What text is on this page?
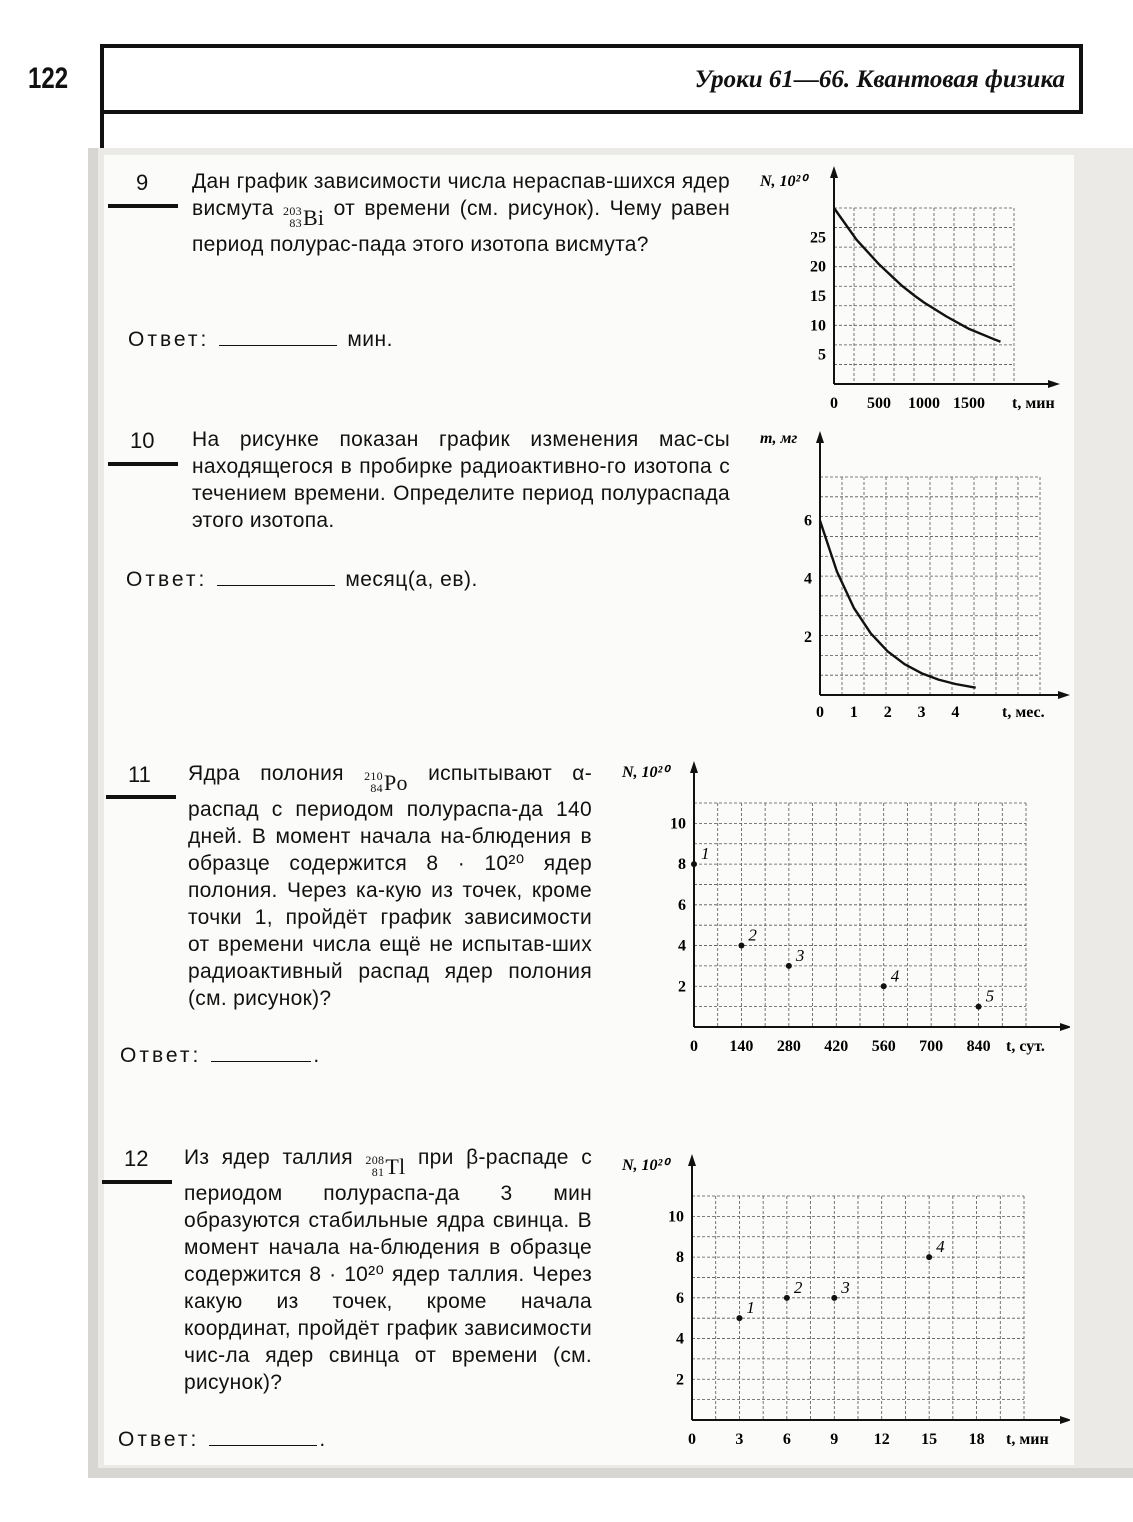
122	Уроки 61—66. Квантовая физика
9 Дан график зависимости числа нераспав-шихся ядер висмута 203
83 Bi от времени (см. рисунок). Чему равен период полурас-пада этого изотопа висмута?
Ответ:	мин.
10 На рисунке показан график изменения мас-сы находящегося в пробирке радиоактивно-го изотопа с течением времени. Определите период полураспада этого изотопа.
Ответ:	месяц(а, ев).
11 Ядра полония 210
84 Po испытывают α-распад с периодом полураспа-да 140 дней. В момент начала на-блюдения в образце содержится 8 · 10²⁰ ядер полония. Через ка-кую из точек, кроме точки 1, пройдёт график зависимости от времени числа ещё не испытав-ших радиоактивный распад ядер полония (см. рисунок)?
Ответ:	.
12 Из ядер таллия 208
81 Tl при β-распаде с периодом полураспа-да 3 мин образуются стабильные ядра свинца. В момент начала на-блюдения в образце содержится 8 · 10²⁰ ядер таллия. Через какую из точек, кроме начала координат, пройдёт график зависимости чис-ла ядер свинца от времени (см. рисунок)?
Ответ:	.
N, 10²⁰
t, мин
0 500 1000 1500
5
10
15
20
25
m, мг
t, мес.
0 1 2 3 4
2
4
6
N, 10²⁰
t, сут.
0 140 280 420 560 700 840
2
4
6
8
10
1
2
3
4
5
N, 10²⁰
t, мин
0 3 6 9 12 15 18
2
4
6
8
10
1
2 3
4
